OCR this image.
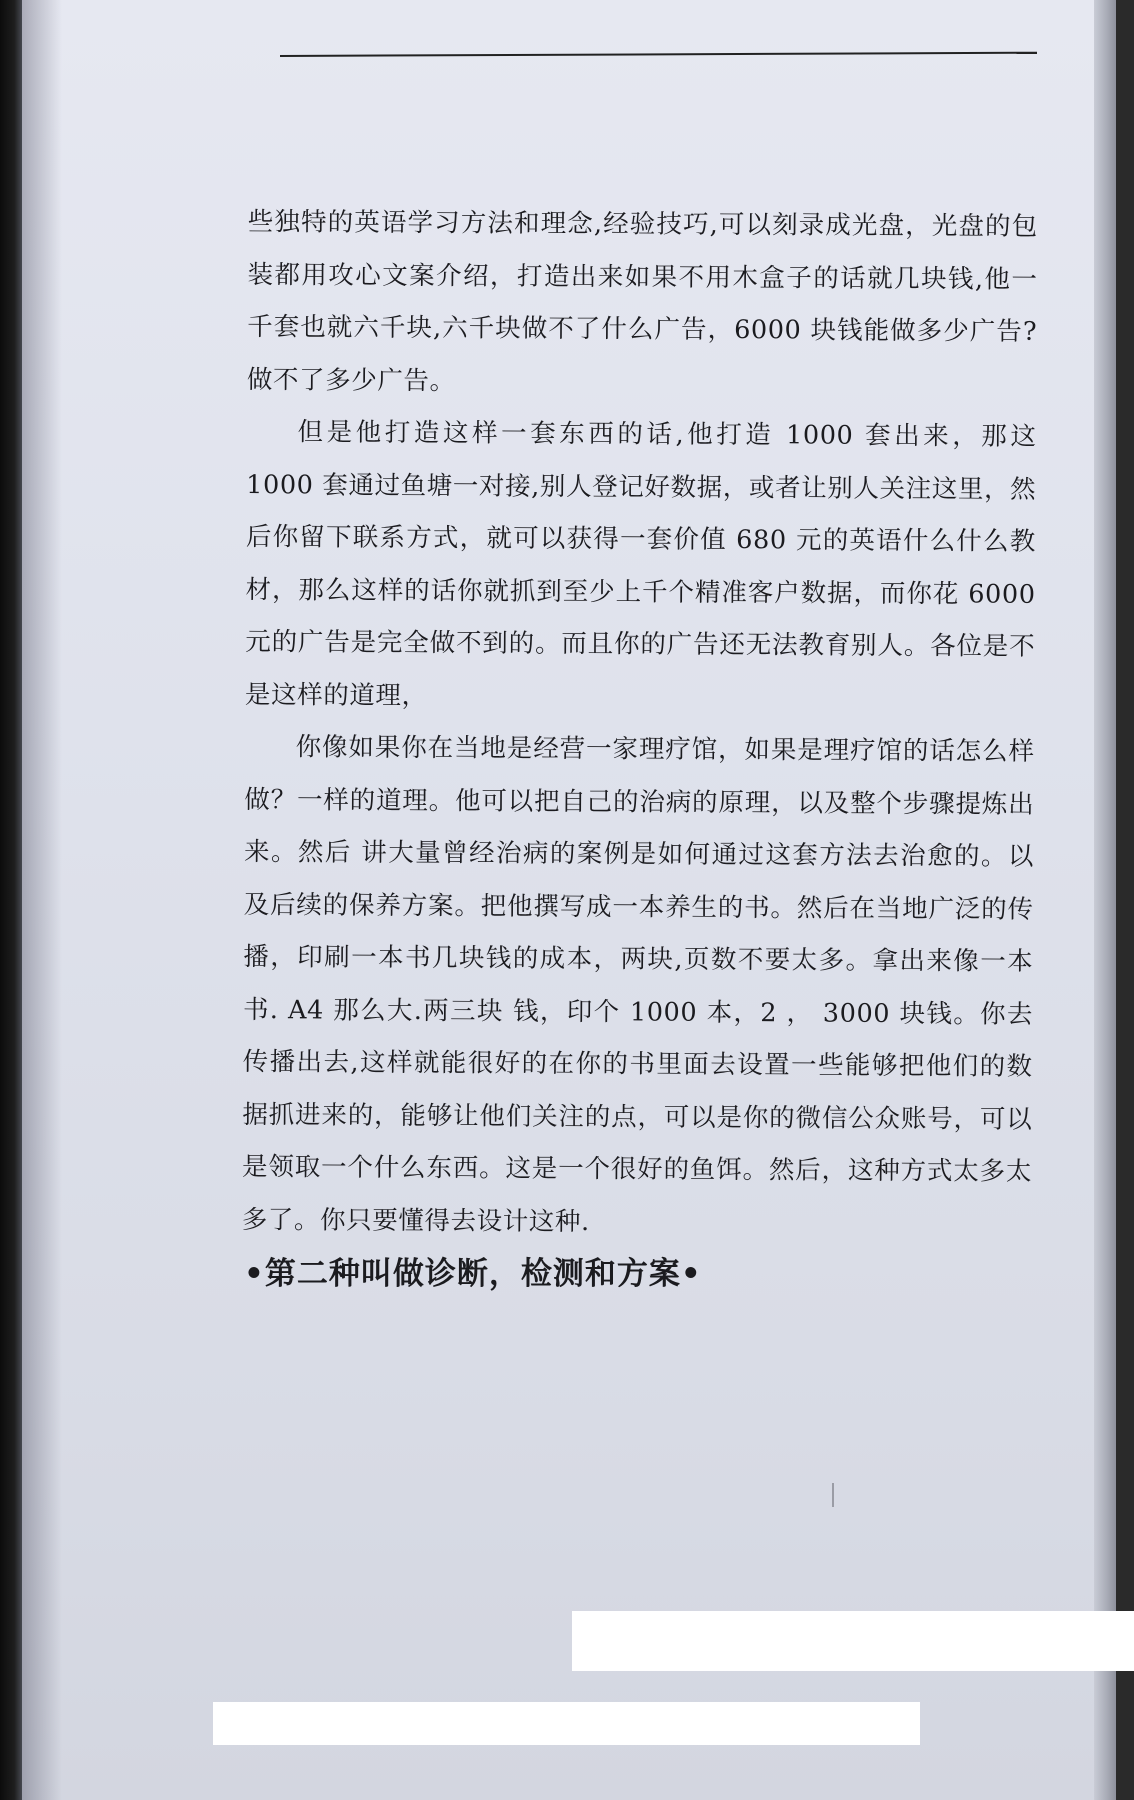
些独特的英语学习方法和理念,经验技巧,可以刻录成光盘，光盘的包装都用攻心文案介绍，打造出来如果不用木盒子的话就几块钱,他一千套也就六千块,六千块做不了什么广告，6000 块钱能做多少广告?做不了多少广告。

但是他打造这样一套东西的话,他打造 1000 套出来，那这 1000 套通过鱼塘一对接,别人登记好数据，或者让别人关注这里，然后你留下联系方式，就可以获得一套价值 680 元的英语什么什么教材，那么这样的话你就抓到至少上千个精准客户数据，而你花 6000 元的广告是完全做不到的。而且你的广告还无法教育别人。各位是不是这样的道理，

你像如果你在当地是经营一家理疗馆，如果是理疗馆的话怎么样做？一样的道理。他可以把自己的治病的原理，以及整个步骤提炼出来。然后 讲大量曾经治病的案例是如何通过这套方法去治愈的。以及后续的保养方案。把他撰写成一本养生的书。然后在当地广泛的传播，印刷一本书几块钱的成本，两块,页数不要太多。拿出来像一本书. A4 那么大.两三块 钱，印个 1000 本，2 ， 3000 块钱。你去传播出去,这样就能很好的在你的书里面去设置一些能够把他们的数据抓进来的，能够让他们关注的点，可以是你的微信公众账号，可以是领取一个什么东西。这是一个很好的鱼饵。然后，这种方式太多太多了。你只要懂得去设计这种.

•第二种叫做诊断，检测和方案•
